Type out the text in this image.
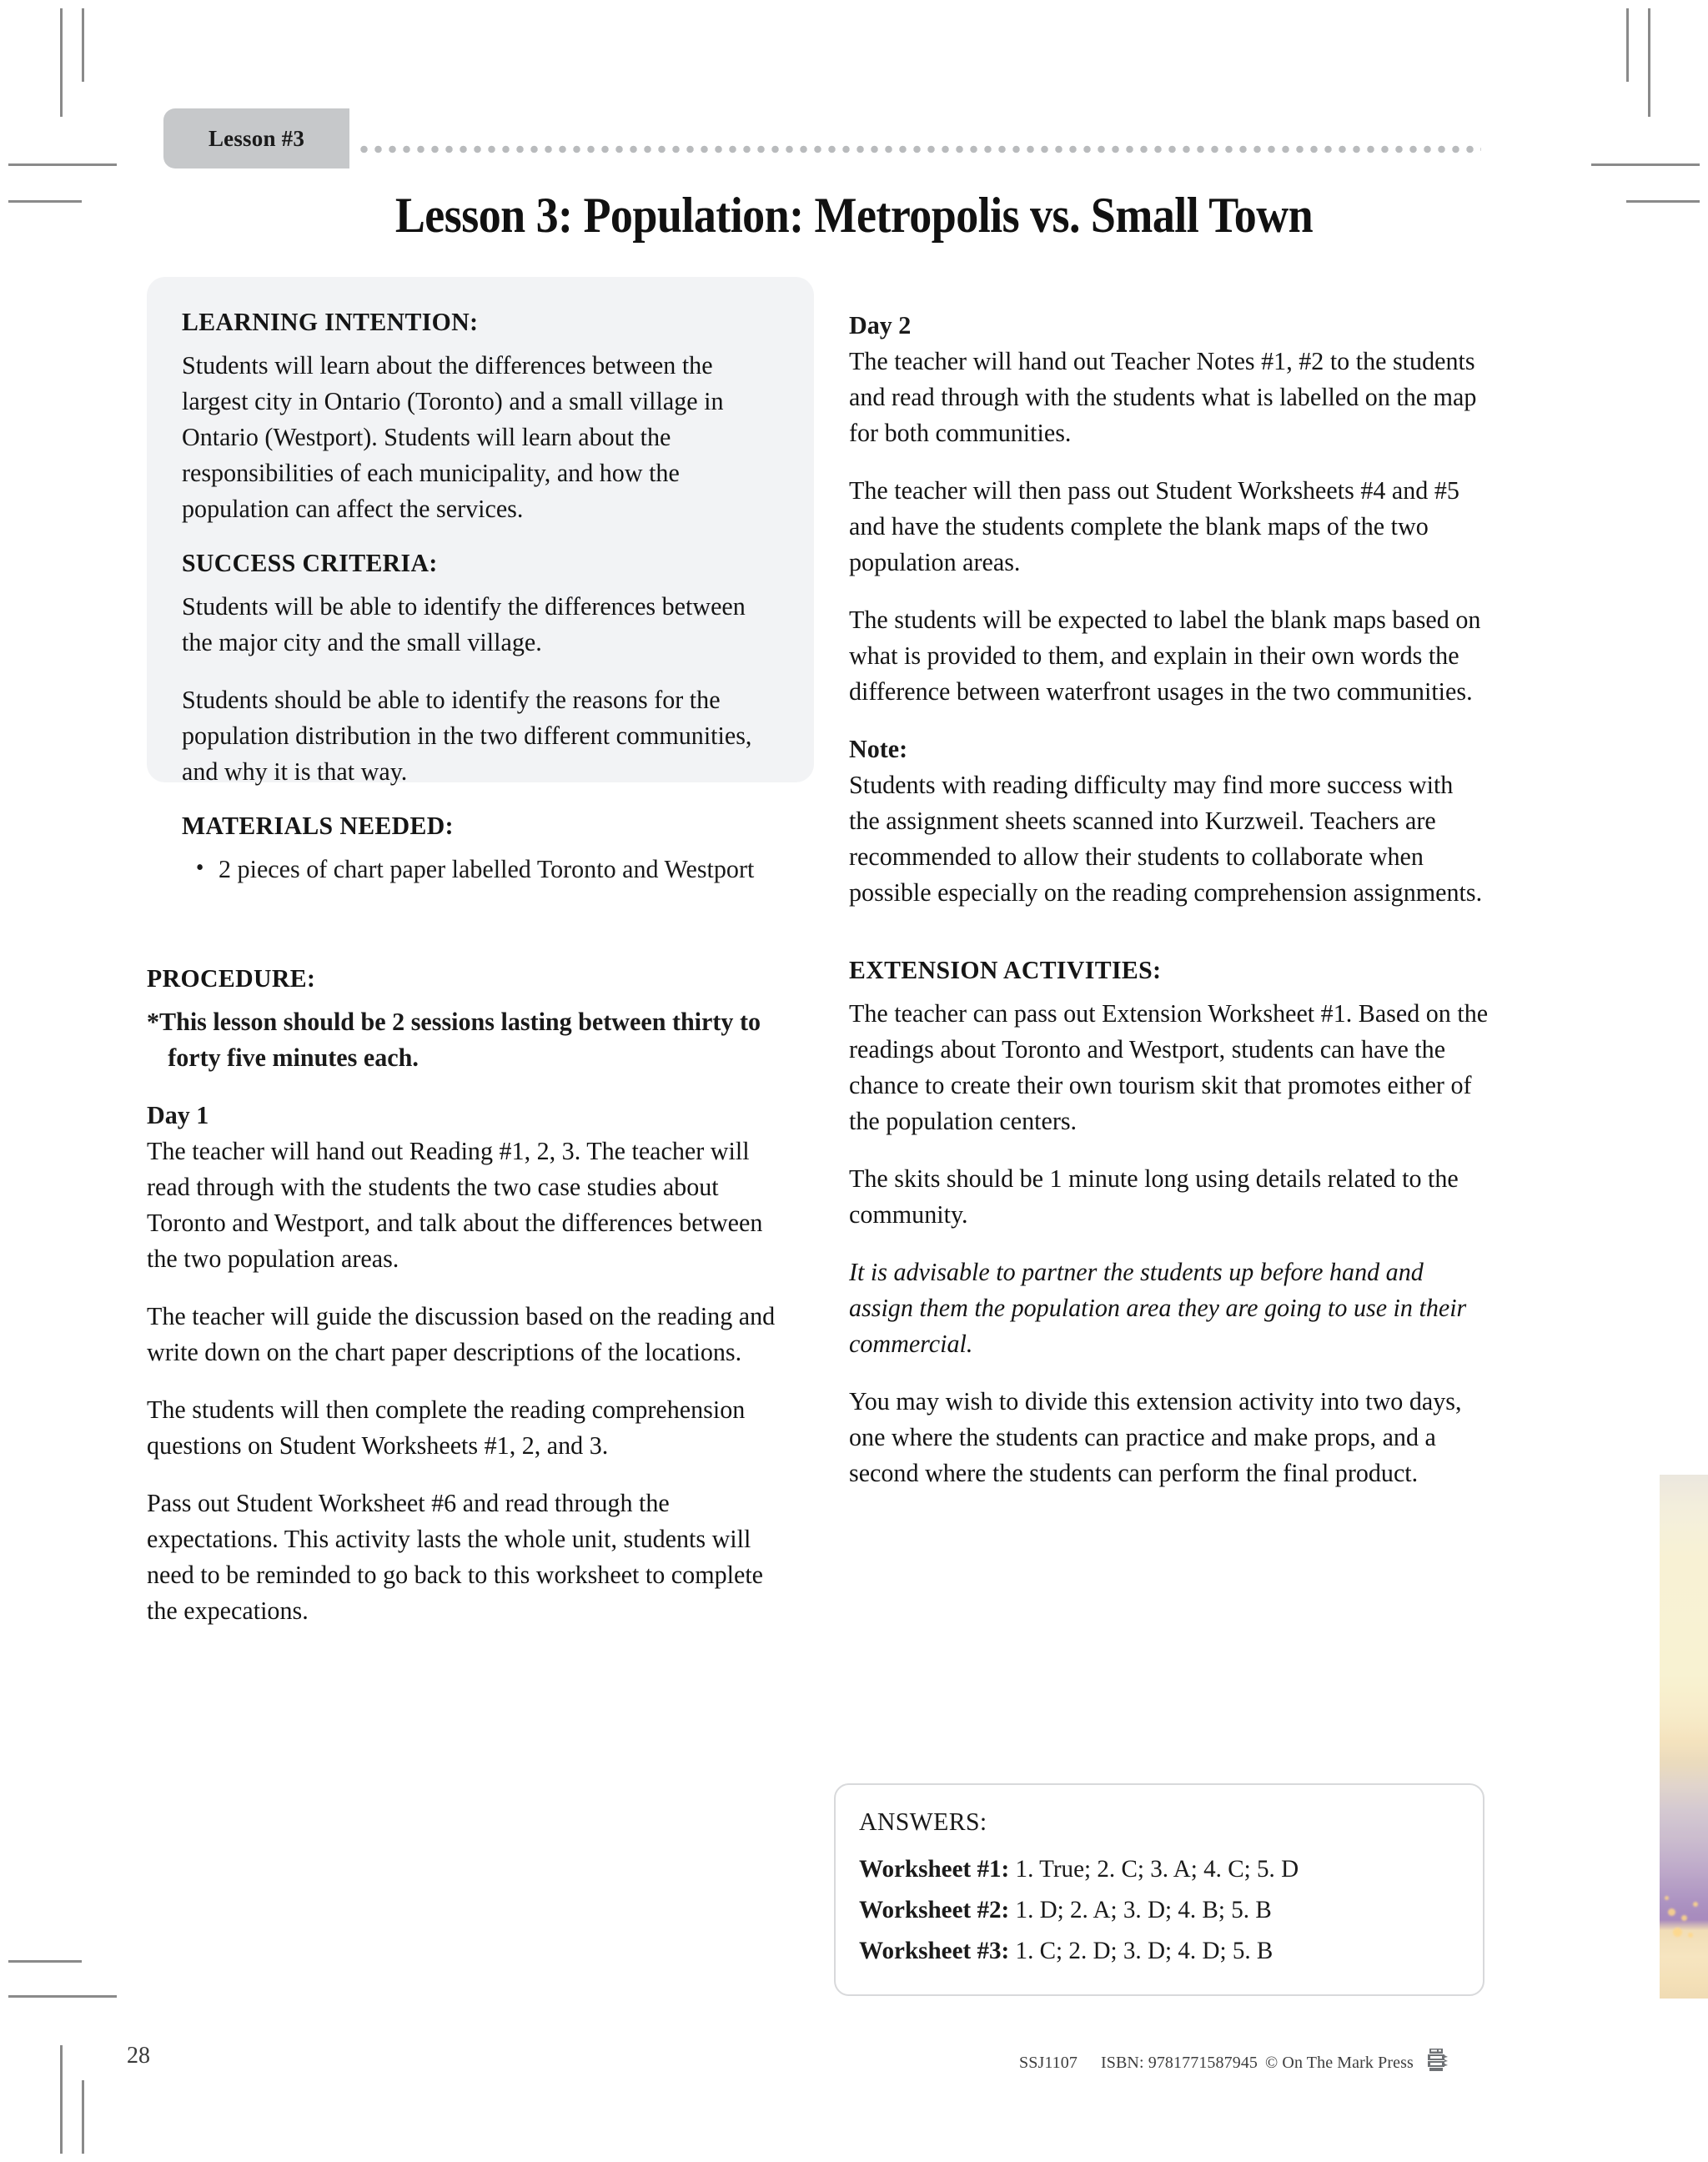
Lesson #3
Lesson 3: Population: Metropolis vs. Small Town
LEARNING INTENTION:

Students will learn about the differences between the largest city in Ontario (Toronto) and a small village in Ontario (Westport). Students will learn about the responsibilities of each municipality, and how the population can affect the services.

SUCCESS CRITERIA:

Students will be able to identify the differences between the major city and the small village.

Students should be able to identify the reasons for the population distribution in the two different communities, and why it is that way.

MATERIALS NEEDED:
• 2 pieces of chart paper labelled Toronto and Westport
PROCEDURE:

*This lesson should be 2 sessions lasting between thirty to forty five minutes each.

Day 1

The teacher will hand out Reading #1, 2, 3. The teacher will read through with the students the two case studies about Toronto and Westport, and talk about the differences between the two population areas.

The teacher will guide the discussion based on the reading and write down on the chart paper descriptions of the locations.

The students will then complete the reading comprehension questions on Student Worksheets #1, 2, and 3.

Pass out Student Worksheet #6 and read through the expectations. This activity lasts the whole unit, students will need to be reminded to go back to this worksheet to complete the expecations.

Day 2

The teacher will hand out Teacher Notes #1, #2 to the students and read through with the students what is labelled on the map for both communities.

The teacher will then pass out Student Worksheets #4 and #5 and have the students complete the blank maps of the two population areas.

The students will be expected to label the blank maps based on what is provided to them, and explain in their own words the difference between waterfront usages in the two communities.

Note:

Students with reading difficulty may find more success with the assignment sheets scanned into Kurzweil. Teachers are recommended to allow their students to collaborate when possible especially on the reading comprehension assignments.

EXTENSION ACTIVITIES:

The teacher can pass out Extension Worksheet #1. Based on the readings about Toronto and Westport, students can have the chance to create their own tourism skit that promotes either of the population centers.

The skits should be 1 minute long using details related to the community.

It is advisable to partner the students up before hand and assign them the population area they are going to use in their commercial.

You may wish to divide this extension activity into two days, one where the students can practice and make props, and a second where the students can perform the final product.

ANSWERS:

Worksheet #1: 1. True; 2. C; 3. A; 4. C; 5. D

Worksheet #2: 1. D; 2. A; 3. D; 4. B; 5. B

Worksheet #3: 1. C; 2. D; 3. D; 4. D; 5. B

28	SSJ1107 ISBN: 9781771587945 © On The Mark Press
